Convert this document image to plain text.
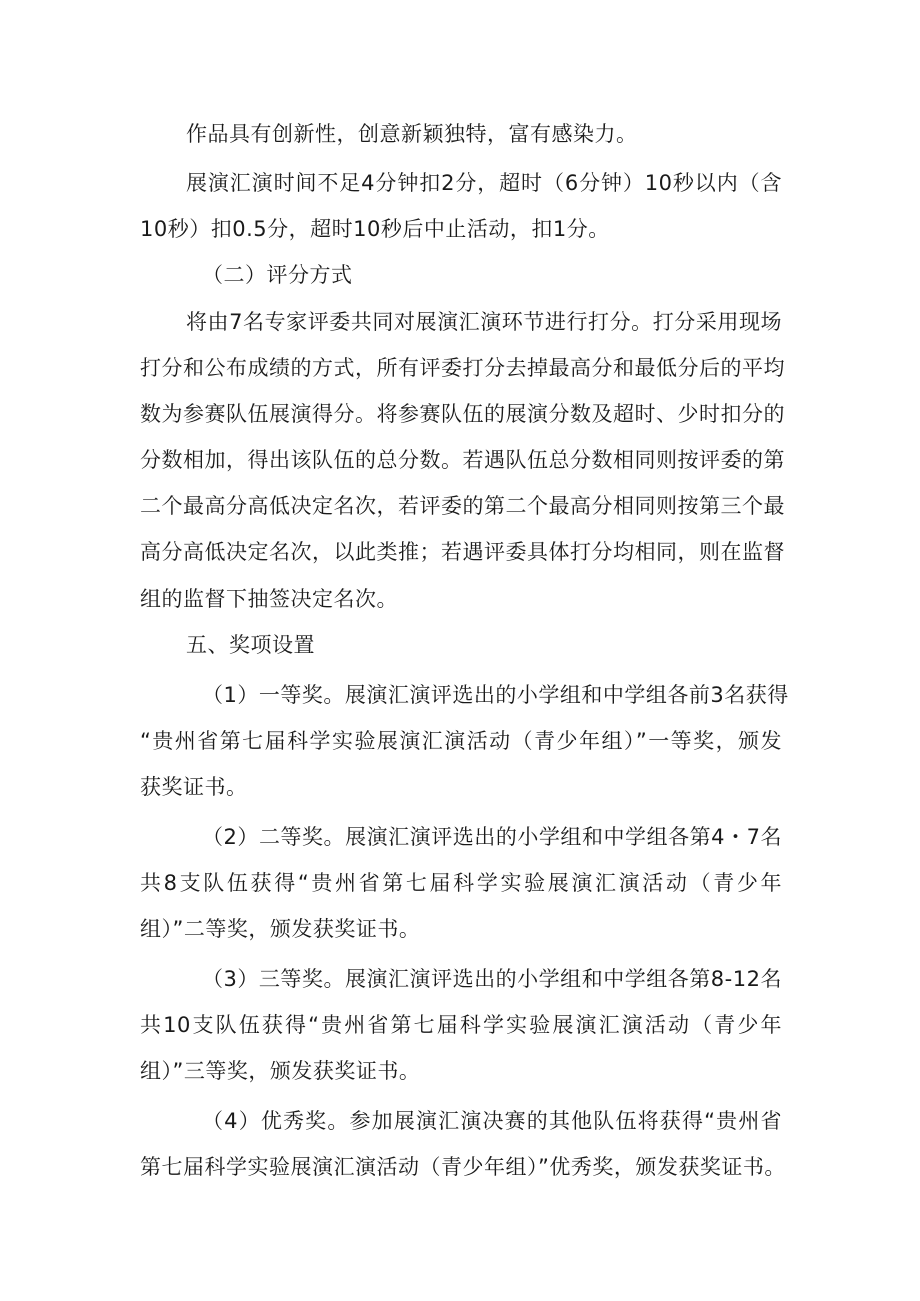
作品具有创新性，创意新颖独特，富有感染力。
展演汇演时间不足4分钟扣2分，超时（6分钟）10秒以内（含
10秒）扣0.5分，超时10秒后中止活动，扣1分。
（二）评分方式
将由7名专家评委共同对展演汇演环节进行打分。打分采用现场
打分和公布成绩的方式，所有评委打分去掉最高分和最低分后的平均
数为参赛队伍展演得分。将参赛队伍的展演分数及超时、少时扣分的
分数相加，得出该队伍的总分数。若遇队伍总分数相同则按评委的第
二个最高分高低决定名次，若评委的第二个最高分相同则按第三个最
高分高低决定名次，以此类推；若遇评委具体打分均相同，则在监督
组的监督下抽签决定名次。
五、奖项设置
（1）一等奖。展演汇演评选出的小学组和中学组各前3名获得
“贵州省第七届科学实验展演汇演活动（青少年组）”一等奖，颁发
获奖证书。
（2）二等奖。展演汇演评选出的小学组和中学组各第4・7名
共8支队伍获得“贵州省第七届科学实验展演汇演活动（青少年
组）”二等奖，颁发获奖证书。
（3）三等奖。展演汇演评选出的小学组和中学组各第8-12名
共10支队伍获得“贵州省第七届科学实验展演汇演活动（青少年
组）”三等奖，颁发获奖证书。
（4）优秀奖。参加展演汇演决赛的其他队伍将获得“贵州省
第七届科学实验展演汇演活动（青少年组）”优秀奖，颁发获奖证书。
